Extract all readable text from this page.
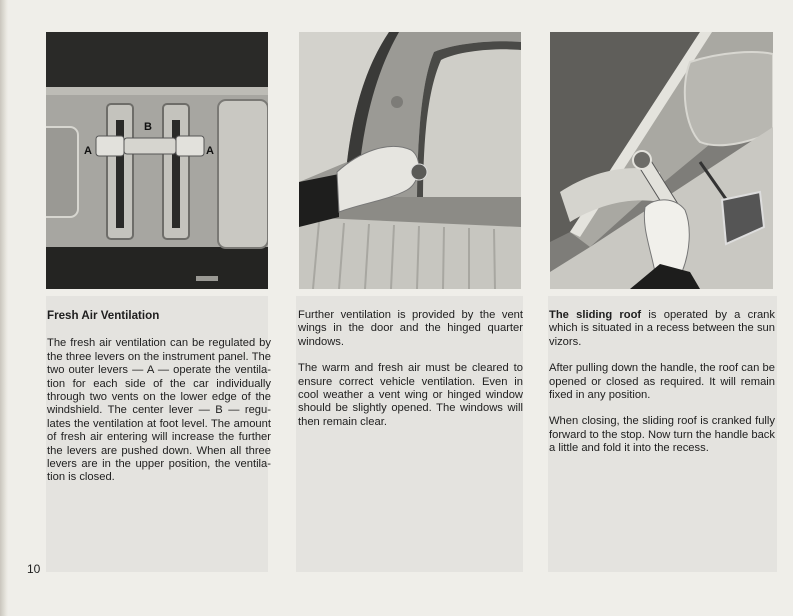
A
B
A

Fresh Air Ventilation

The fresh air ventilation can be regulated by the three levers on the instrument panel. The two outer levers — A — operate the ventilation for each side of the car individually through two vents on the lower edge of the windshield. The center lever — B — regulates the ventilation at foot level. The amount of fresh air entering will increase the further the levers are pushed down. When all three levers are in the upper position, the ventilation is closed.

Further ventilation is provided by the vent wings in the door and the hinged quarter windows.

The warm and fresh air must be cleared to ensure correct vehicle ventilation. Even in cool weather a vent wing or hinged window should be slightly opened. The windows will then remain clear.

The sliding roof is operated by a crank which is situated in a recess between the sun vizors.

After pulling down the handle, the roof can be opened or closed as required. It will remain fixed in any position.

When closing, the sliding roof is cranked fully forward to the stop. Now turn the handle back a little and fold it into the recess.

10
